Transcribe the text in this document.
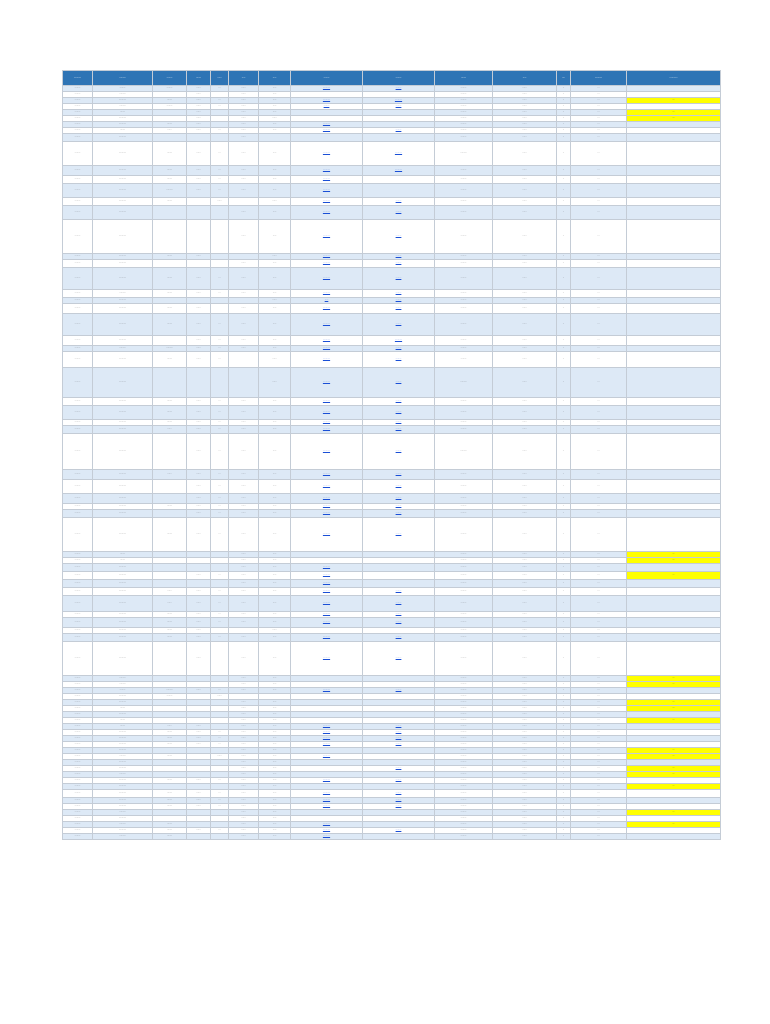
..........	.........	........	.......	......	.....	.....	........	........	.......	.....	....	..........	...........
........	........	........	......	...	......	.....	..........	........	........	......	..	...	
........	.........		......		......	.....			........	......	..	...	
........	..........	.......	......	...	......	.....	..........	..........	........	......	..	...	....
........	.........	........	......	...	......	.....	........	........	........	......	..	...	
........	.......		......		......	.....			........	......	..	...	....
........	..........		......		......	......			........	......	..	...	....
........	..........	.......	......		......	.....	..........		........	......	..	...	
........	.......	......	......	...	......	.....	..........	........	........	......	..	...	
........	..........				......				........	......	..	...	
........	..........	.......	......	...	......	.....	..........	..........	.........	......	..	...	
........	..........	.......	......	...	......	.....	..........	..........	........	......	..	...	
........	..........	.......	......	...	......	.....	..........		........	......	..	...	
........	..........	.........	......	...	......	.....	..........		........	......	..	...	
........	..........	.......		......		......	..........	........	........	......	..	...	
........	..........				......	.....	..........	........	........	......	..	...	
........	..........				......	.....	..........	........	........	......	..	...	
........	..........	.......	......			......	..........	........	........	......	..	...	
........	..........				......	.....	..........	........	........	......	..	...	
........	..........	.......	......	...	......	.....	..........	........	........	......	..	...	
........	.........	.......	......	...	......	.....	..........	........	........	......	..	...	
........	..........					......	.....	........	........	......	..	...	
........	..........	.......	......		......	.....	..........	........	........	......	..	...	
........	..........	.......	......	...	......	.....	..........	........	........	......	..	...	
........	..........		......	...	......	.....	..........	..........	........	......	..	...	
........	.........	.........	......	...	......	.....	..........	........	........	......	..	...	
........	..........	.......	......	...		......	..........	........	........	......	..	...	
........	..........					......	..........	........	.........	......	..	...	
........	..........	.......	......	...	......	.....	..........	........	........	......	..	...	
........	..........	.......	......	...	......	.....	..........	........	........	......	..	...	
........	..........	.......	......	...	......	.....	..........	........	........	......	..	...	
........	..........	......	......	...	......	.....	..........	........	........	......	..	...	
........	..........		......	...	......	.....	..........	........	.........	......	..	...	
........	..........	......	......	...	......	.....	..........	........	........	......	..	...	
........	..........		......	...	......	.....	..........	........	........	......	..	...	
........	..........		......	...	......	.....	..........	........	........	......	..	...	
........	..........	.......	......	...	......	.....	..........	........	........	......	..	...	
........	..........		......	...	......	.....	..........	........	........	......	..	...	
........	..........	.......	......	...	......	.....	..........	........	........	......	..	...	
........	.......				......	.....			........	......	..	...	....
........	.......				......	.....			........	......	..	...	....
........	..........				......	.....	..........		........	......	..	...	
........	..........		......	...	......	.....	..........		........	......	..	...	....
........	..........				......	.....	..........		........	......	..	...	
........	..........	......	......	...	......	.....	..........	........	........	......	..	...	
........	..........	......	......	...	......	.....	..........	........	........	......	..	...	
........	..........	.......	......	...	......	.....	..........	........	........	......	..	...	
........	..........	.......	......	...	......	.....	..........	........	........	......	..	...	
........	..........	.......	......			......			........	......	..	...	
........	..........	.......	......	...	......	.....	..........	........	........	......	..	...	
........	..........		......		......	.....	..........	........	........	......	..	...	
........	.........				......	.....			........	......	..	...	....
........	.........				......	.....			........	......	..	...	....
........	........	.........	......	...	......	.....	..........	........	........	......	..	...	
........	..........	........		......					........	......	..	...	
........	..........				......	.....			........	......	..	...	....
........	.......				......	.....			........	......	..	...	....
........	..........				......	.....			........	......	..	...	
........	.......				......	.....			........	......	..	...	....
........	.......	......	......		......	.....	..........	........	........	......	..	...	
........	..........	.......	......	...	......	.....	..........	........	........	......	..	...	
........	..........	.......	......	...	......	.....	..........	........	........	......	..	...	
........	..........	.......	......	...	......	.....	..........	........	........	......	..	...	
........	..........				......	.....			........	......	..	...	....
........	.........	.......		......	......	.....	..........		........	......	..	...	....
........	..........				......	.....			........	......	..	...	
........	..........				......	.....		........	........	......	..	...	....
........	.........				......	.....			........	......	..	...	....
........	..........	.......	......	...	......	.....	..........	........	........	......	..	...	
........	..........				......	.....			........	......	..	...	....
........	..........	.......	......	...	......	.....	..........	........	........	......	..	...	
........	..........	.......	......	...	......	.....	..........	........	........	......	..	...	
........	..........	.......	......	...	......	.....	..........	........	........	......	..	...	
........	.........				......	.....			........	......	..	...	....
........	..........				......	.....			........	......	..	...	
........	.........	.......			......	.....	..........		........	......	..	...	....
........	..........	.......	......	...	......	.....	..........	........	........	......	..	...	
........	.........	.......			......	.....	..........		........	......	..	...	
